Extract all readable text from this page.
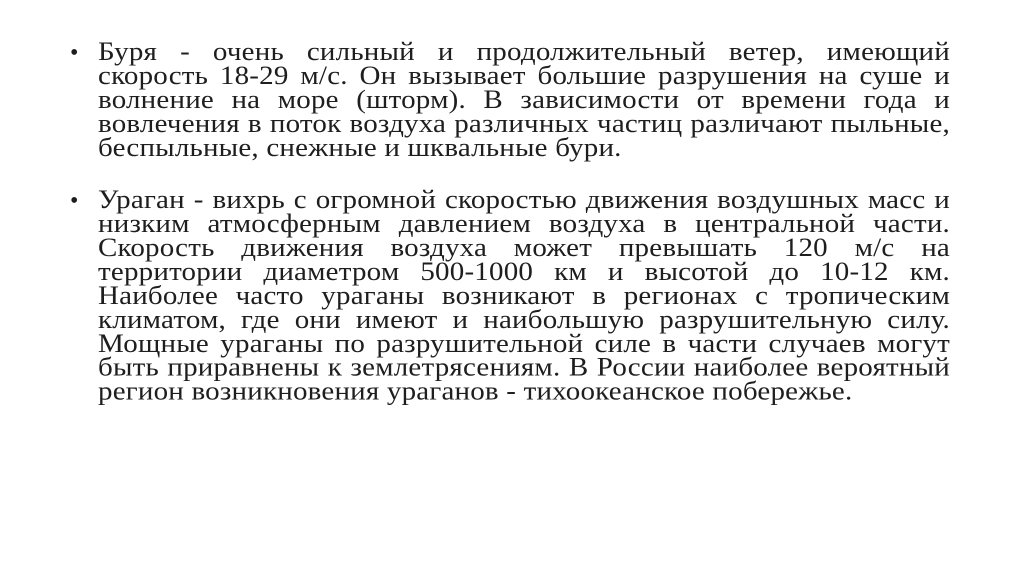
• Буря - очень сильный и продолжительный ветер, имеющий скорость 18-29 м/с. Он вызывает большие разрушения на суше и волнение на море (шторм). В зависимости от времени года и вовлечения в поток воздуха различных частиц различают пыльные, беспыльные, снежные и шквальные бури.
• Ураган - вихрь с огромной скоростью движения воздушных масс и низким атмосферным давлением воздуха в центральной части. Скорость движения воздуха может превышать 120 м/с на территории диаметром 500-1000 км и высотой до 10-12 км. Наиболее часто ураганы возникают в регионах с тропическим климатом, где они имеют и наибольшую разрушительную силу. Мощные ураганы по разрушительной силе в части случаев могут быть приравнены к землетрясениям. В России наиболее вероятный регион возникновения ураганов - тихоокеанское побережье.
